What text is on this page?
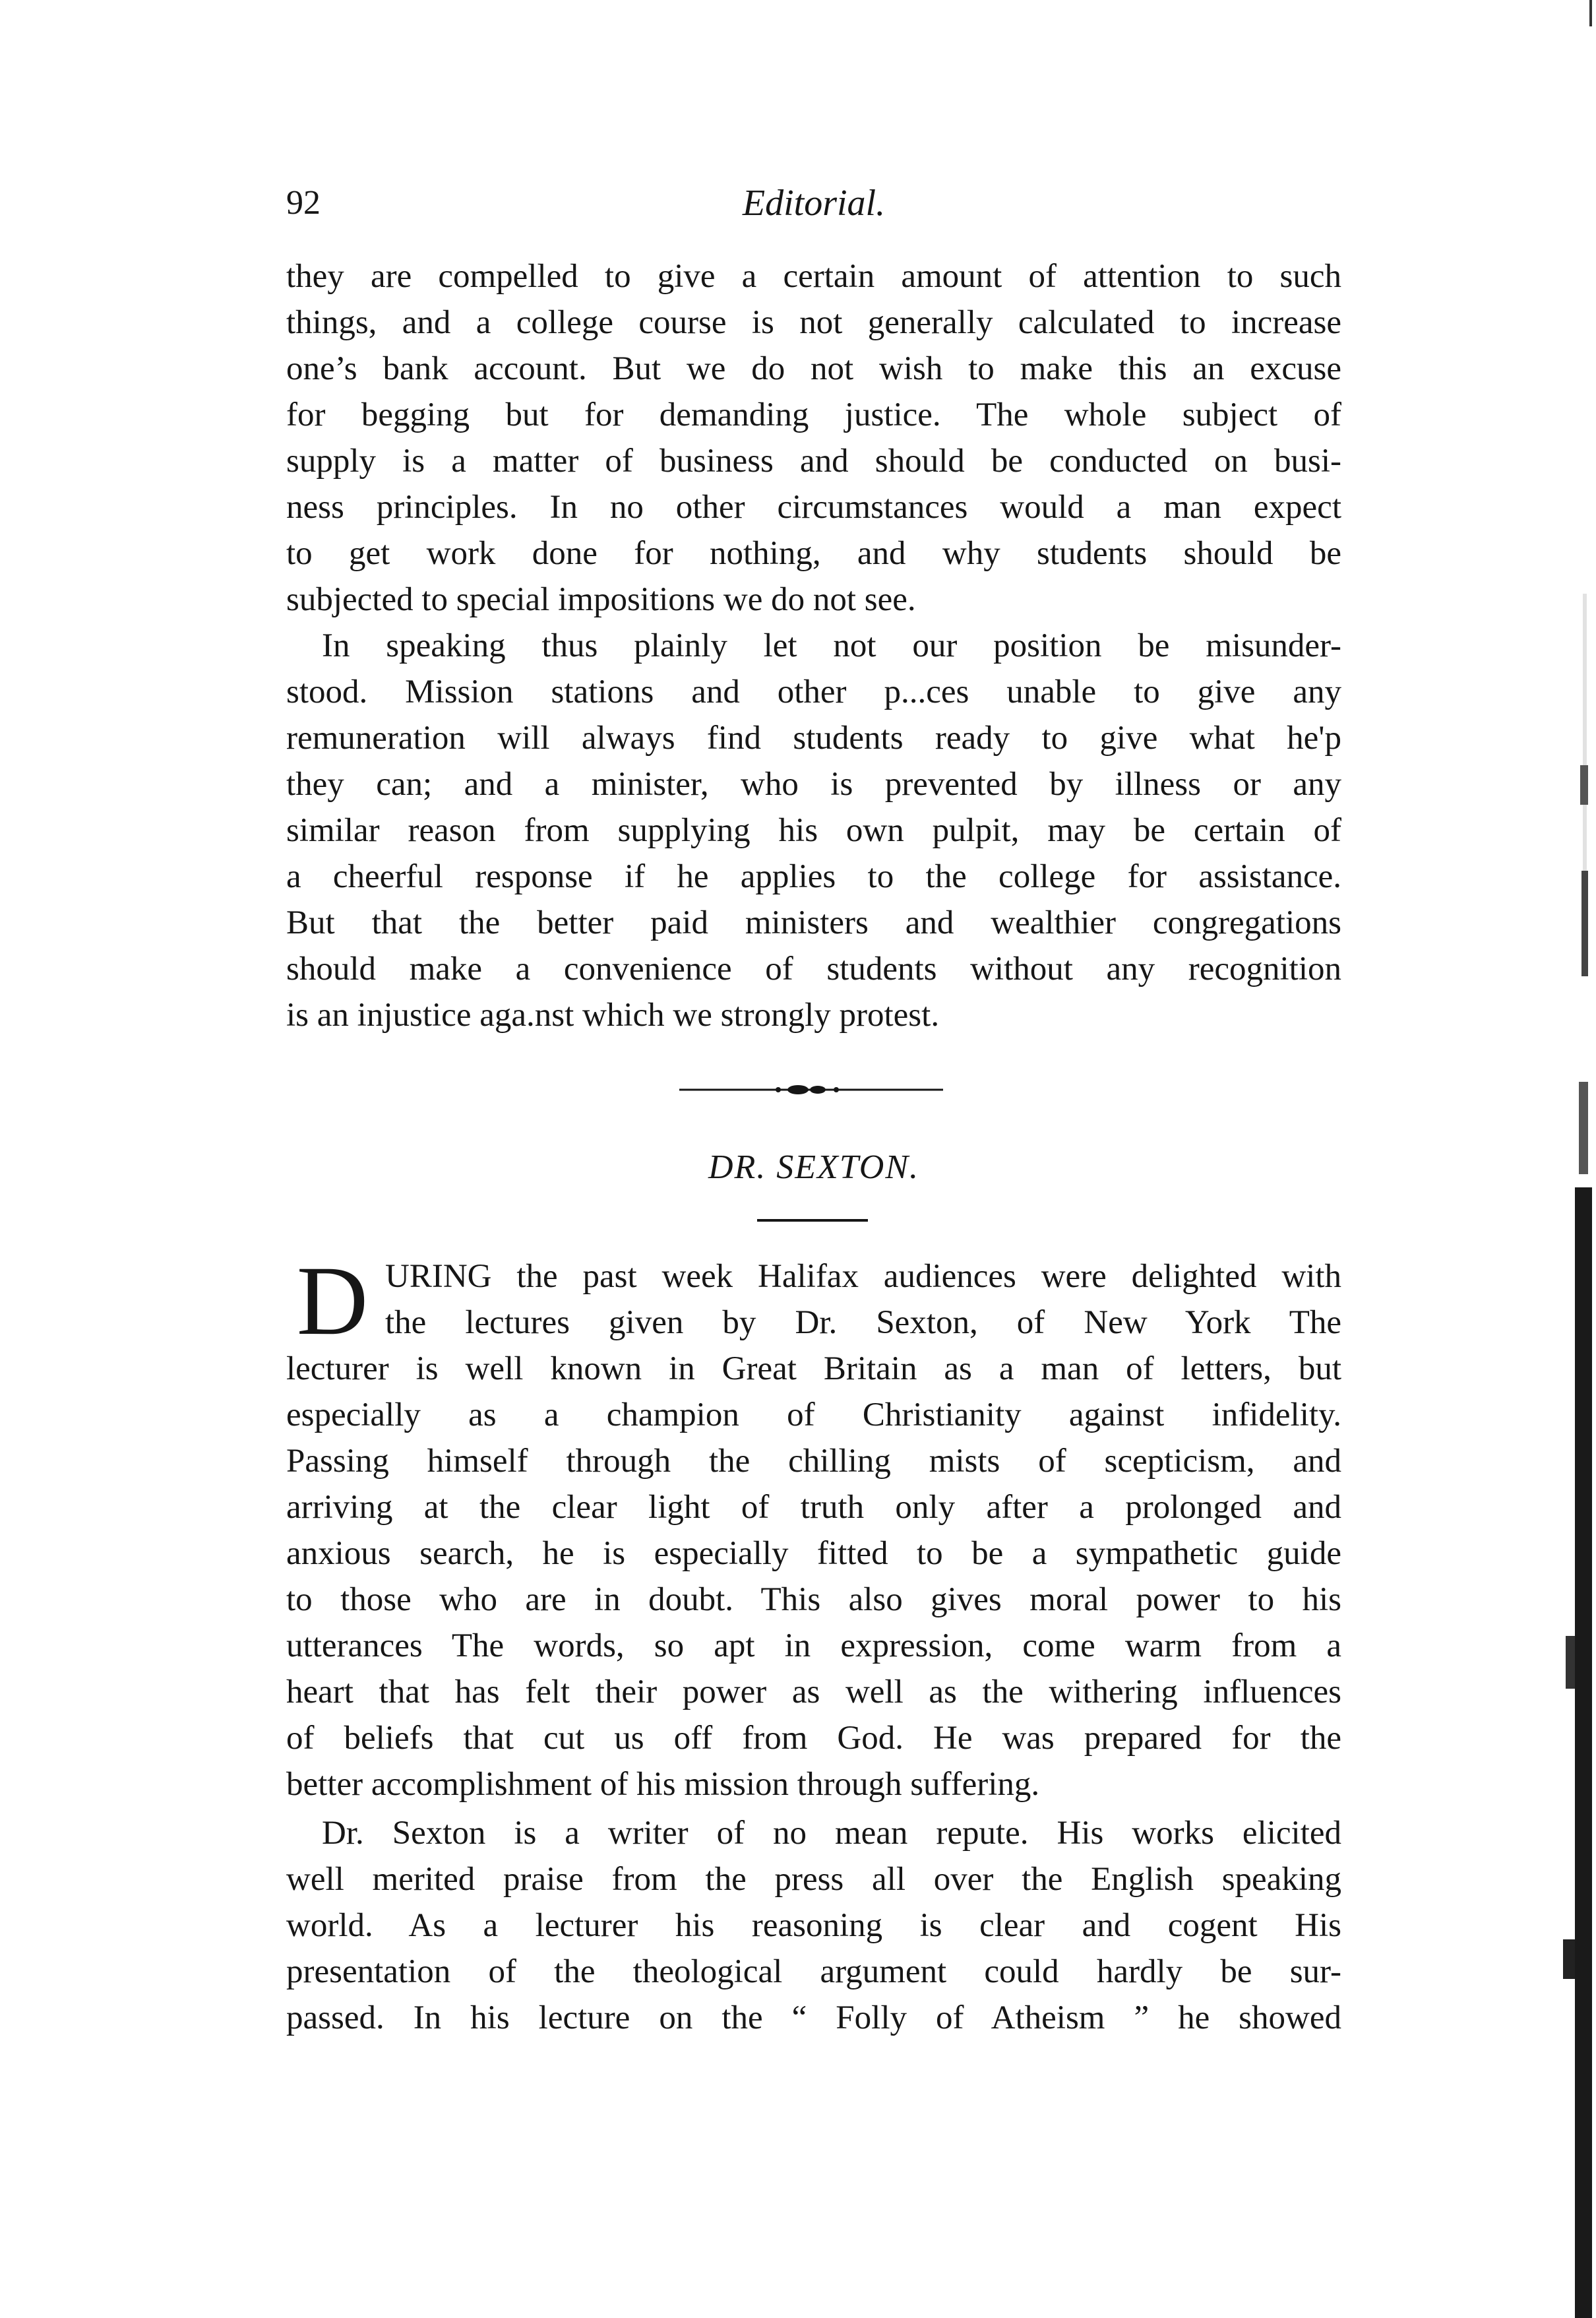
92	Editorial.
they are compelled to give a certain amount of attention to such
things, and a college course is not generally calculated to increase
one’s bank account. But we do not wish to make this an excuse
for begging but for demanding justice. The whole subject of
supply is a matter of business and should be conducted on busi-
ness principles. In no other circumstances would a man expect
to get work done for nothing, and why students should be
subjected to special impositions we do not see.
In speaking thus plainly let not our position be misunder-
stood. Mission stations and other p...ces unable to give any
remuneration will always find students ready to give what he'p
they can; and a minister, who is prevented by illness or any
similar reason from supplying his own pulpit, may be certain of
a cheerful response if he applies to the college for assistance.
But that the better paid ministers and wealthier congregations
should make a convenience of students without any recognition
is an injustice aga.nst which we strongly protest.
DR. SEXTON.
D URING the past week Halifax audiences were delighted with
the lectures given by Dr. Sexton, of New York The
lecturer is well known in Great Britain as a man of letters, but
especially as a champion of Christianity against infidelity.
Passing himself through the chilling mists of scepticism, and
arriving at the clear light of truth only after a prolonged and
anxious search, he is especially fitted to be a sympathetic guide
to those who are in doubt. This also gives moral power to his
utterances The words, so apt in expression, come warm from a
heart that has felt their power as well as the withering influences
of beliefs that cut us off from God. He was prepared for the
better accomplishment of his mission through suffering.
Dr. Sexton is a writer of no mean repute. His works elicited
well merited praise from the press all over the English speaking
world. As a lecturer his reasoning is clear and cogent His
presentation of the theological argument could hardly be sur-
passed. In his lecture on the “ Folly of Atheism ” he showed
